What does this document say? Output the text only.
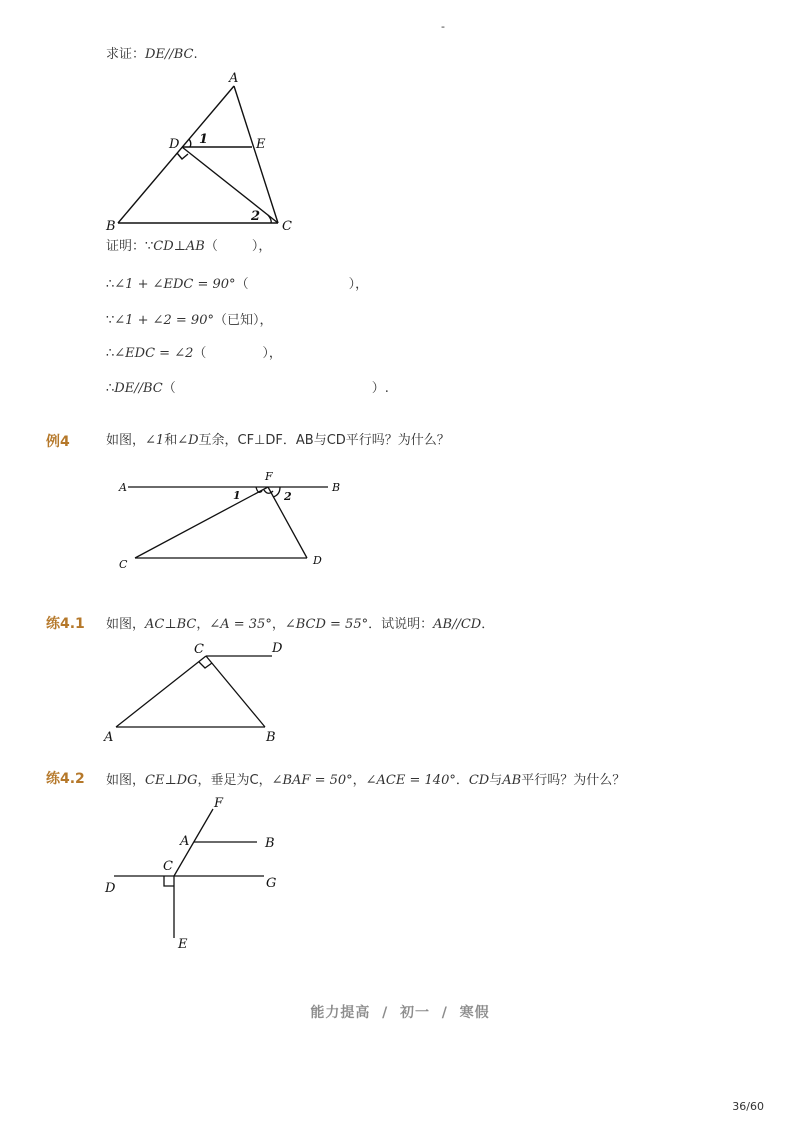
-
求证：DE//BC.
A
B	C
D	E
1
2
证明：∵CD⊥AB（	），
∴∠1 + ∠EDC = 90°（	），
∵∠1 + ∠2 = 90°（已知），
∴∠EDC = ∠2（	），
∴DE//BC（	）.
例4	如图，∠1和∠D互余，CF⊥DF．AB与CD平行吗？为什么？
A	B
C	D
F
1	2
练4.1 如图，AC⊥BC，∠A = 35°，∠BCD = 55°．试说明：AB//CD．
C	D
A	B
练4.2 如图，CE⊥DG，垂足为C，∠BAF = 50°，∠ACE = 140°．CD与AB平行吗？为什么？
F
A	B
C
D	G
E
能力提高  /  初一  /  寒假
36/60
